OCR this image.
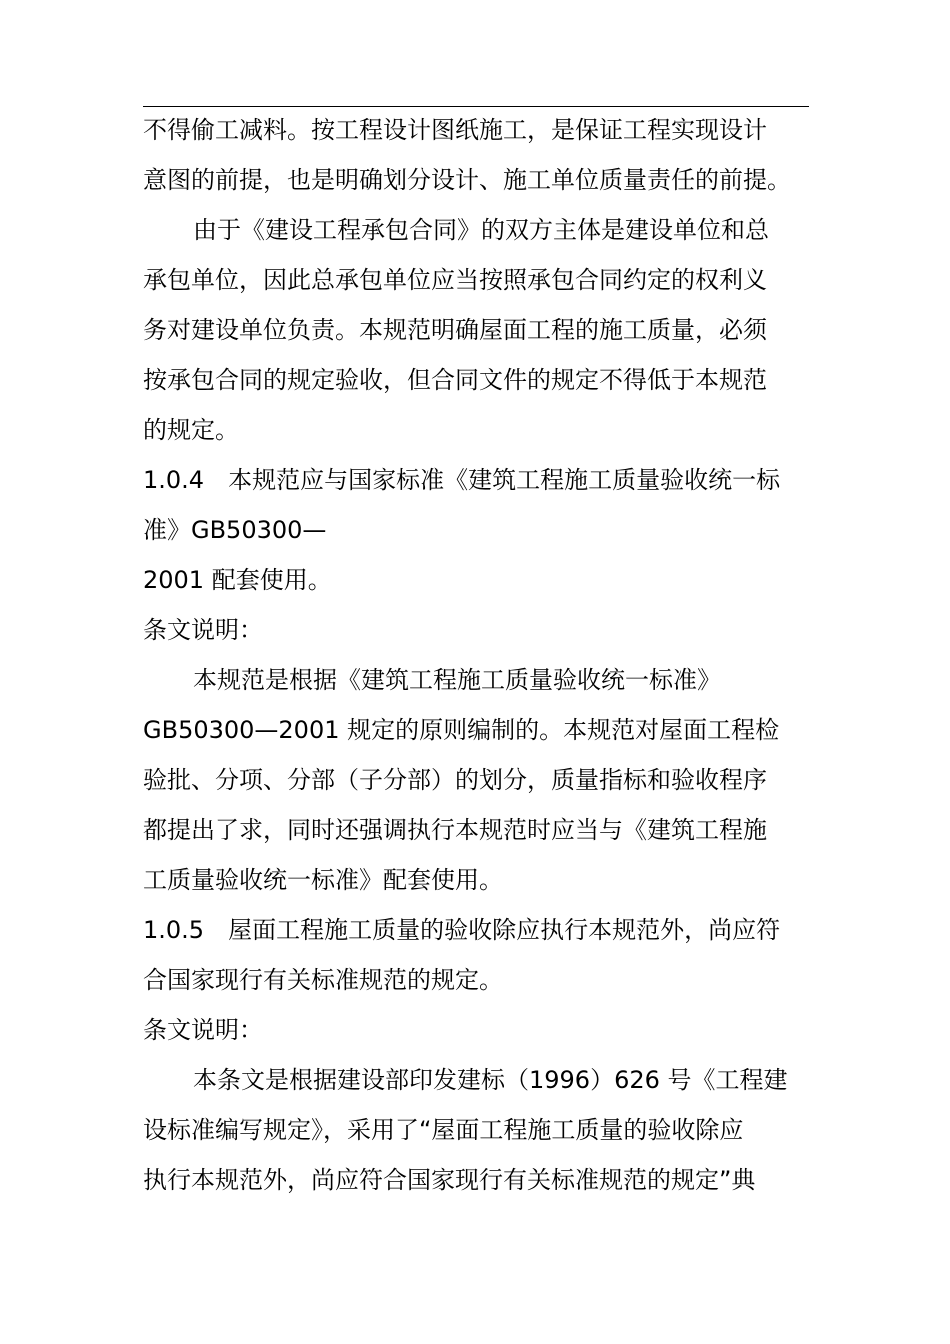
不得偷工减料。按工程设计图纸施工，是保证工程实现设计
意图的前提，也是明确划分设计、施工单位质量责任的前提。
由于《建设工程承包合同》的双方主体是建设单位和总
承包单位，因此总承包单位应当按照承包合同约定的权利义
务对建设单位负责。本规范明确屋面工程的施工质量，必须
按承包合同的规定验收，但合同文件的规定不得低于本规范
的规定。
1.0.4　本规范应与国家标准《建筑工程施工质量验收统一标
准》GB50300—
2001 配套使用。
条文说明：
本规范是根据《建筑工程施工质量验收统一标准》
GB50300—2001 规定的原则编制的。本规范对屋面工程检
验批、分项、分部（子分部）的划分，质量指标和验收程序
都提出了求，同时还强调执行本规范时应当与《建筑工程施
工质量验收统一标准》配套使用。
1.0.5　屋面工程施工质量的验收除应执行本规范外，尚应符
合国家现行有关标准规范的规定。
条文说明：
本条文是根据建设部印发建标（1996）626 号《工程建
设标准编写规定》，采用了“屋面工程施工质量的验收除应
执行本规范外，尚应符合国家现行有关标准规范的规定”典
